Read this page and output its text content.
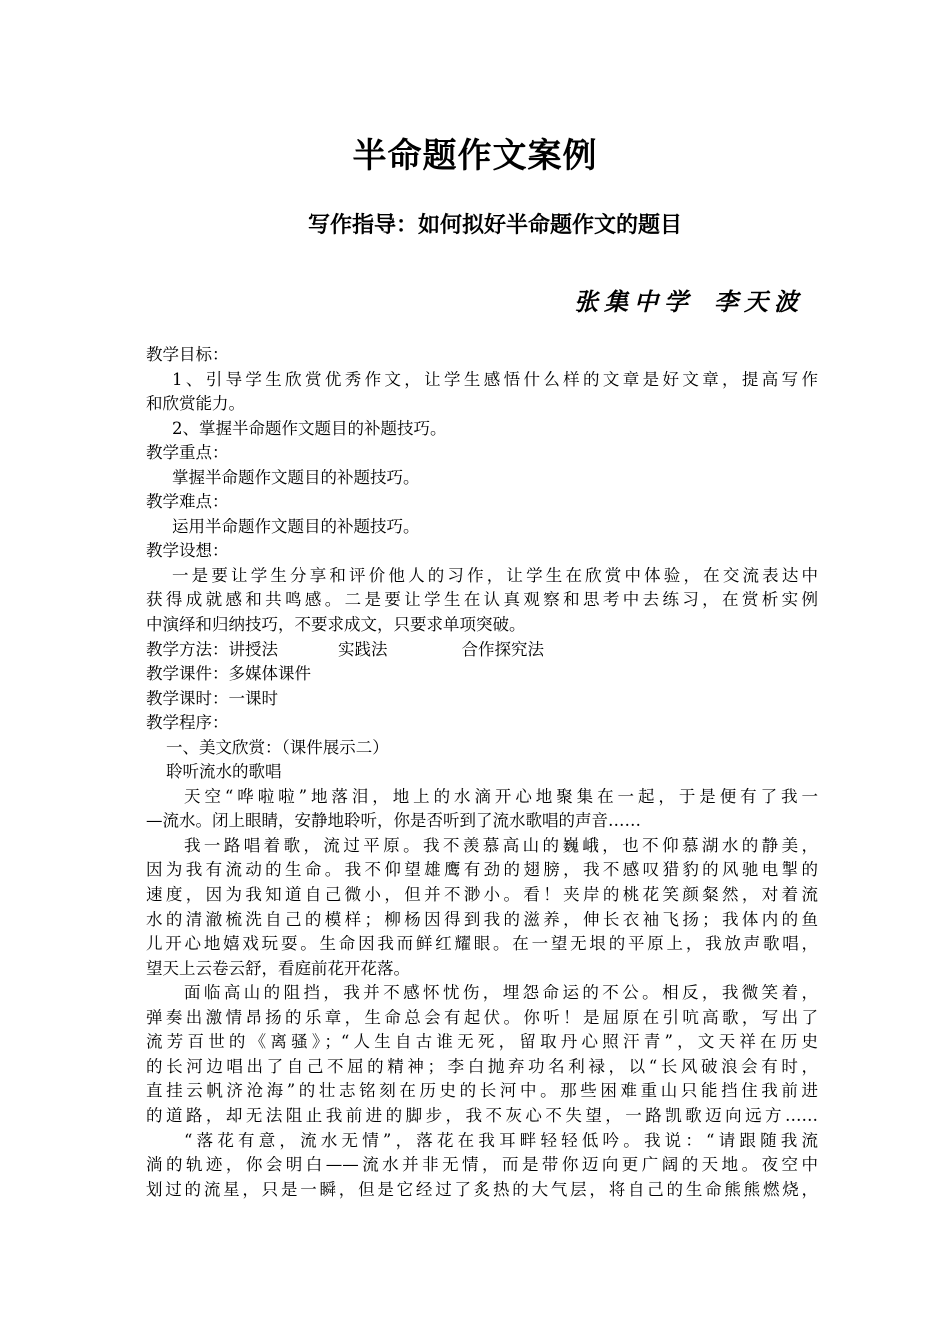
半命题作文案例
写作指导：如何拟好半命题作文的题目
张集中学 李天波
教学目标：
1、引导学生欣赏优秀作文，让学生感悟什么样的文章是好文章，提高写作
和欣赏能力。
2、掌握半命题作文题目的补题技巧。
教学重点：
掌握半命题作文题目的补题技巧。
教学难点：
运用半命题作文题目的补题技巧。
教学设想：
一是要让学生分享和评价他人的习作，让学生在欣赏中体验，在交流表达中
获得成就感和共鸣感。二是要让学生在认真观察和思考中去练习，在赏析实例
中演绎和归纳技巧，不要求成文，只要求单项突破。
教学方法：讲授法	实践法	合作探究法
教学课件：多媒体课件
教学课时：一课时
教学程序：
一、美文欣赏：（课件展示二）
聆听流水的歌唱
天空“哗啦啦”地落泪，地上的水滴开心地聚集在一起，于是便有了我一
—流水。闭上眼睛，安静地聆听，你是否听到了流水歌唱的声音……
我一路唱着歌，流过平原。我不羡慕高山的巍峨，也不仰慕湖水的静美，
因为我有流动的生命。我不仰望雄鹰有劲的翅膀，我不感叹猎豹的风驰电掣的
速度，因为我知道自己微小，但并不渺小。看！夹岸的桃花笑颜粲然，对着流
水的清澈梳洗自己的模样；柳杨因得到我的滋养，伸长衣袖飞扬；我体内的鱼
儿开心地嬉戏玩耍。生命因我而鲜红耀眼。在一望无垠的平原上，我放声歌唱，
望天上云卷云舒，看庭前花开花落。
面临高山的阻挡，我并不感怀忧伤，埋怨命运的不公。相反，我微笑着，
弹奏出激情昂扬的乐章，生命总会有起伏。你听！是屈原在引吭高歌，写出了
流芳百世的《离骚》；“人生自古谁无死，留取丹心照汗青”，文天祥在历史
的长河边唱出了自己不屈的精神；李白抛弃功名利禄，以“长风破浪会有时，
直挂云帆济沧海”的壮志铭刻在历史的长河中。那些困难重山只能挡住我前进
的道路，却无法阻止我前进的脚步，我不灰心不失望，一路凯歌迈向远方……
“落花有意，流水无情”，落花在我耳畔轻轻低吟。我说：“请跟随我流
淌的轨迹，你会明白——流水并非无情，而是带你迈向更广阔的天地。夜空中
划过的流星，只是一瞬，但是它经过了炙热的大气层，将自己的生命熊熊燃烧，
